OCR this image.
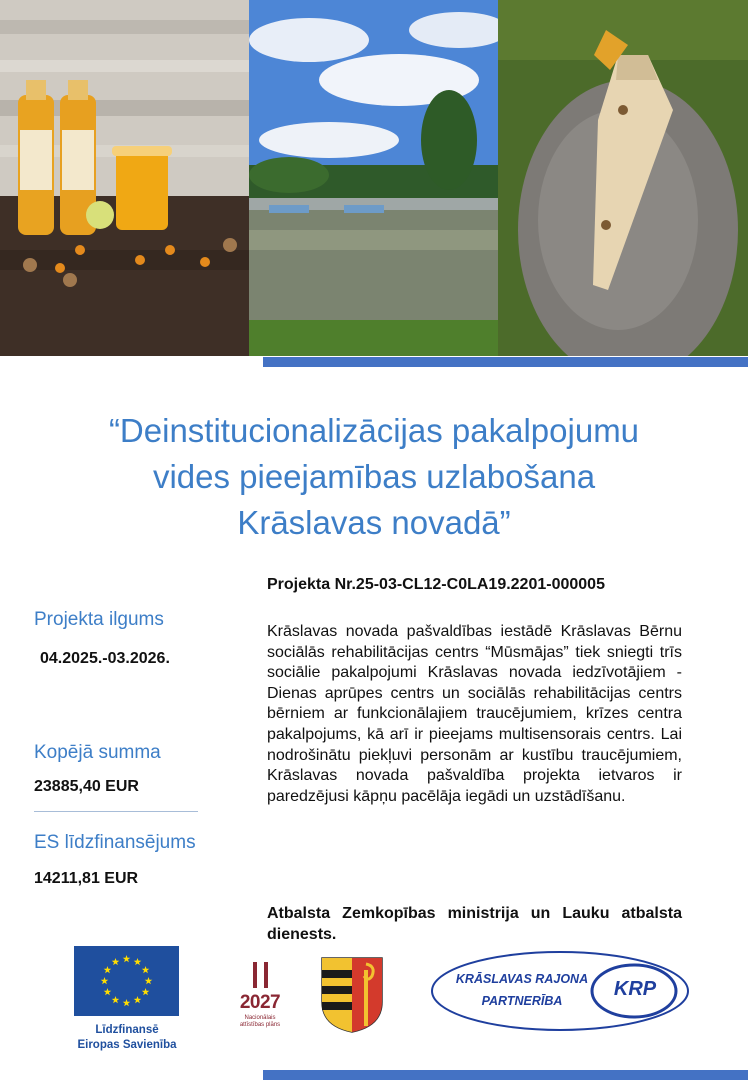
“Deinstitucionalizācijas pakalpojumu
vides pieejamības uzlabošana
Krāslavas novadā”

Projekta Nr.25-03-CL12-C0LA19.2201-000005

Projekta ilgums

04.2025.-03.2026.

Kopējā summa

23885,40 EUR

ES līdzfinansējums

14211,81 EUR

Krāslavas novada pašvaldības iestādē Krāslavas Bērnu sociālās rehabilitācijas centrs “Mūsmājas” tiek sniegti trīs sociālie pakalpojumi Krāslavas novada iedzīvotājiem - Dienas aprūpes centrs un sociālās rehabilitācijas centrs bērniem ar funkcionālajiem traucējumiem, krīzes centra pakalpojums, kā arī ir pieejams multisensorais centrs. Lai nodrošinātu piekļuvi personām ar kustību traucējumiem, Krāslavas novada pašvaldība projekta ietvaros ir paredzējusi kāpņu pacēlāja iegādi un uzstādīšanu.

Atbalsta Zemkopības ministrija un Lauku atbalsta dienests.

Līdzfinansē
Eiropas Savienība

2027

Nacionālais
attīstības plāns

KRĀSLAVAS RAJONA
PARTNERĪBA

KRP
